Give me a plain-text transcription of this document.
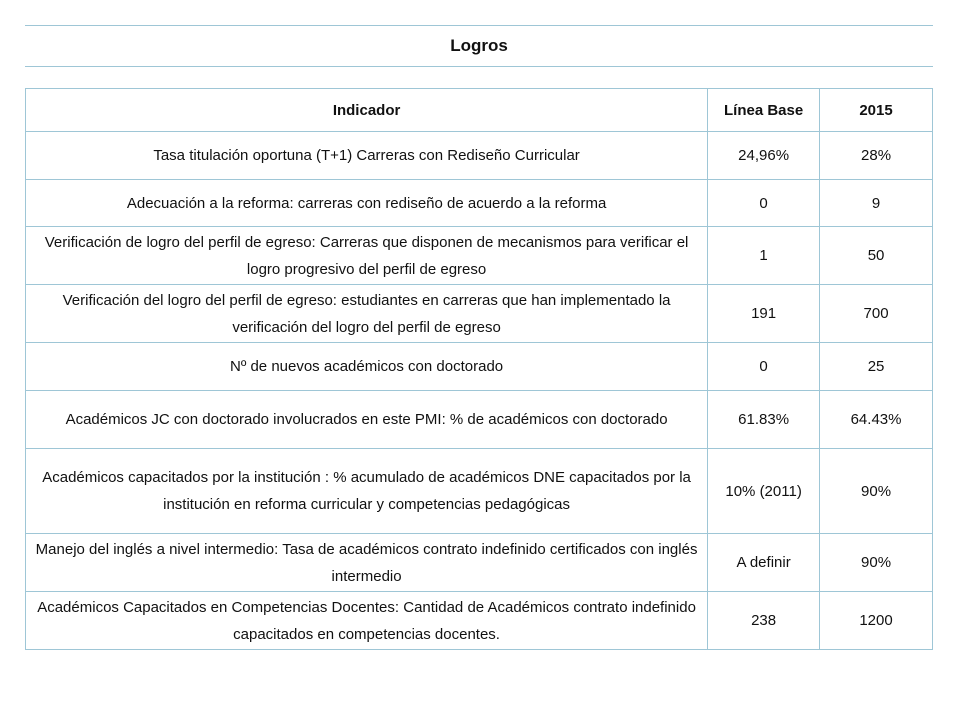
Logros
Indicador	Línea Base	2015
Tasa titulación oportuna (T+1) Carreras con Rediseño Curricular	24,96%	28%
Adecuación a la reforma: carreras con rediseño de acuerdo a la reforma	0	9
Verificación de logro del perfil de egreso: Carreras que disponen de mecanismos para verificar el logro progresivo del perfil de egreso	1	50
Verificación del logro del perfil de egreso: estudiantes en carreras que han implementado la verificación del logro del perfil de egreso	191	700
Nº de nuevos académicos con doctorado	0	25
Académicos JC con doctorado involucrados en este PMI: % de académicos con doctorado	61.83%	64.43%
Académicos capacitados por la institución : % acumulado de académicos DNE capacitados por la institución en reforma curricular y competencias pedagógicas	10% (2011)	90%
Manejo del inglés a nivel intermedio: Tasa de académicos contrato indefinido certificados con inglés intermedio	A definir	90%
Académicos Capacitados en Competencias Docentes: Cantidad de Académicos contrato indefinido capacitados en competencias docentes.	238	1200
